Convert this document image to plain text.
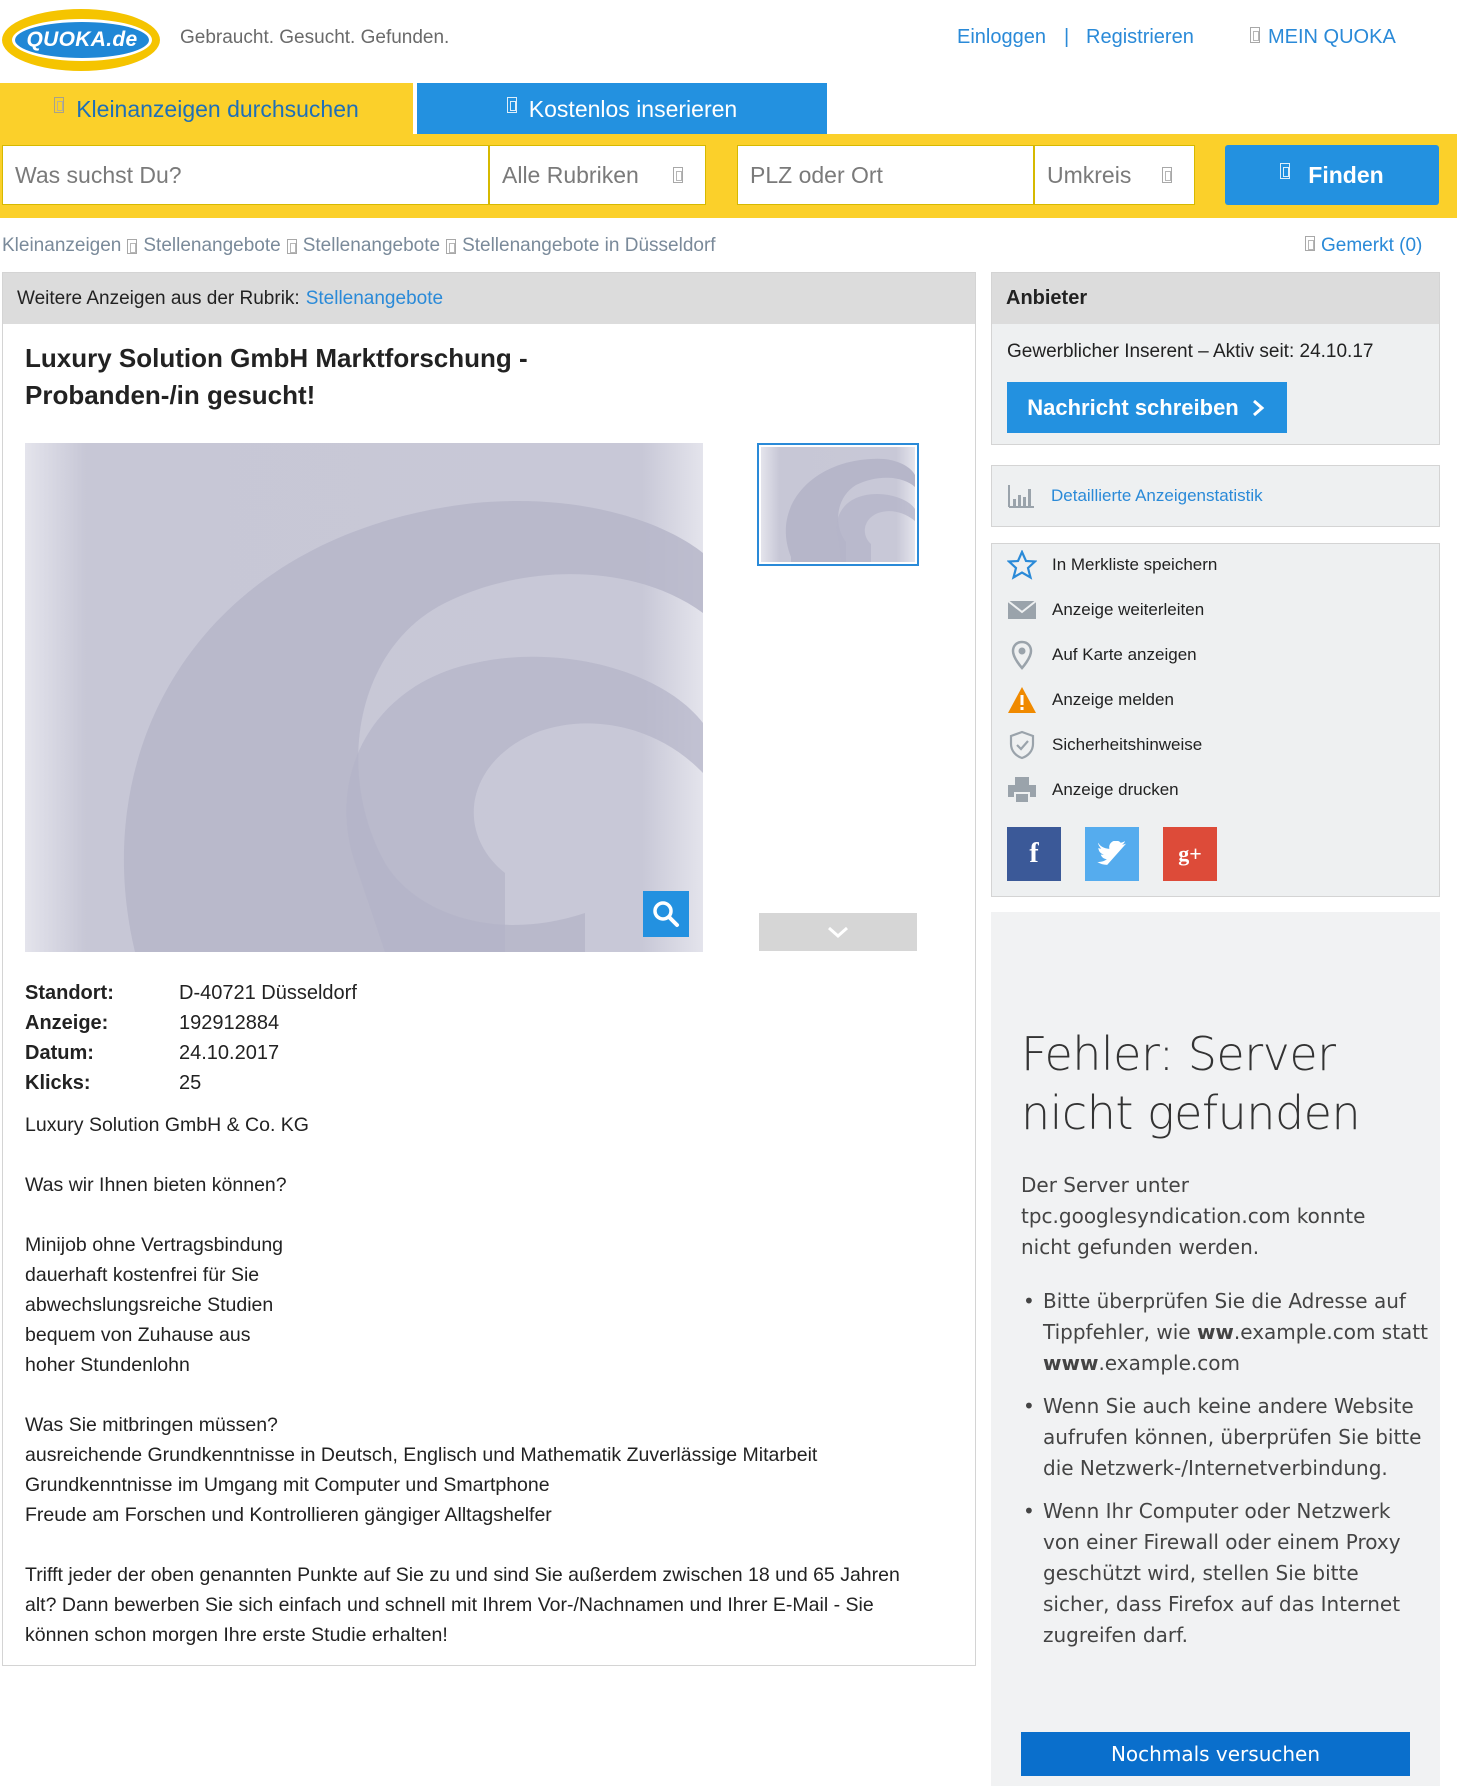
QUOKA.de Gebraucht. Gesucht. Gefunden.	Einloggen | Registrieren	MEIN QUOKA
Kleinanzeigen durchsuchen	Kostenlos inserieren
Was suchst Du?	Alle Rubriken	PLZ oder Ort	Umkreis	Finden
Kleinanzeigen Stellenangebote Stellenangebote Stellenangebote in Düsseldorf	Gemerkt (0)
Weitere Anzeigen aus der Rubrik: Stellenangebote
Luxury Solution GmbH Marktforschung -
Probanden-/in gesucht!
Standort:	D-40721 Düsseldorf
Anzeige:	192912884
Datum:	24.10.2017
Klicks:	25

Luxury Solution GmbH & Co. KG

Was wir Ihnen bieten können?

Minijob ohne Vertragsbindung
dauerhaft kostenfrei für Sie
abwechslungsreiche Studien
bequem von Zuhause aus
hoher Stundenlohn

Was Sie mitbringen müssen?
ausreichende Grundkenntnisse in Deutsch, Englisch und Mathematik Zuverlässige Mitarbeit
Grundkenntnisse im Umgang mit Computer und Smartphone
Freude am Forschen und Kontrollieren gängiger Alltagshelfer

Trifft jeder der oben genannten Punkte auf Sie zu und sind Sie außerdem zwischen 18 und 65 Jahren alt? Dann bewerben Sie sich einfach und schnell mit Ihrem Vor-/Nachnamen und Ihrer E-Mail - Sie können schon morgen Ihre erste Studie erhalten!

Anbieter
Gewerblicher Inserent – Aktiv seit: 24.10.17
Nachricht schreiben
Detaillierte Anzeigenstatistik
In Merkliste speichern
Anzeige weiterleiten
Auf Karte anzeigen
Anzeige melden
Sicherheitshinweise
Anzeige drucken
f	g+
Fehler: Server nicht gefunden
Der Server unter tpc.googlesyndication.com konnte nicht gefunden werden.
• Bitte überprüfen Sie die Adresse auf Tippfehler, wie ww.example.com statt www.example.com
• Wenn Sie auch keine andere Website aufrufen können, überprüfen Sie bitte die Netzwerk-/Internetverbindung.
• Wenn Ihr Computer oder Netzwerk von einer Firewall oder einem Proxy geschützt wird, stellen Sie bitte sicher, dass Firefox auf das Internet zugreifen darf.
Nochmals versuchen
